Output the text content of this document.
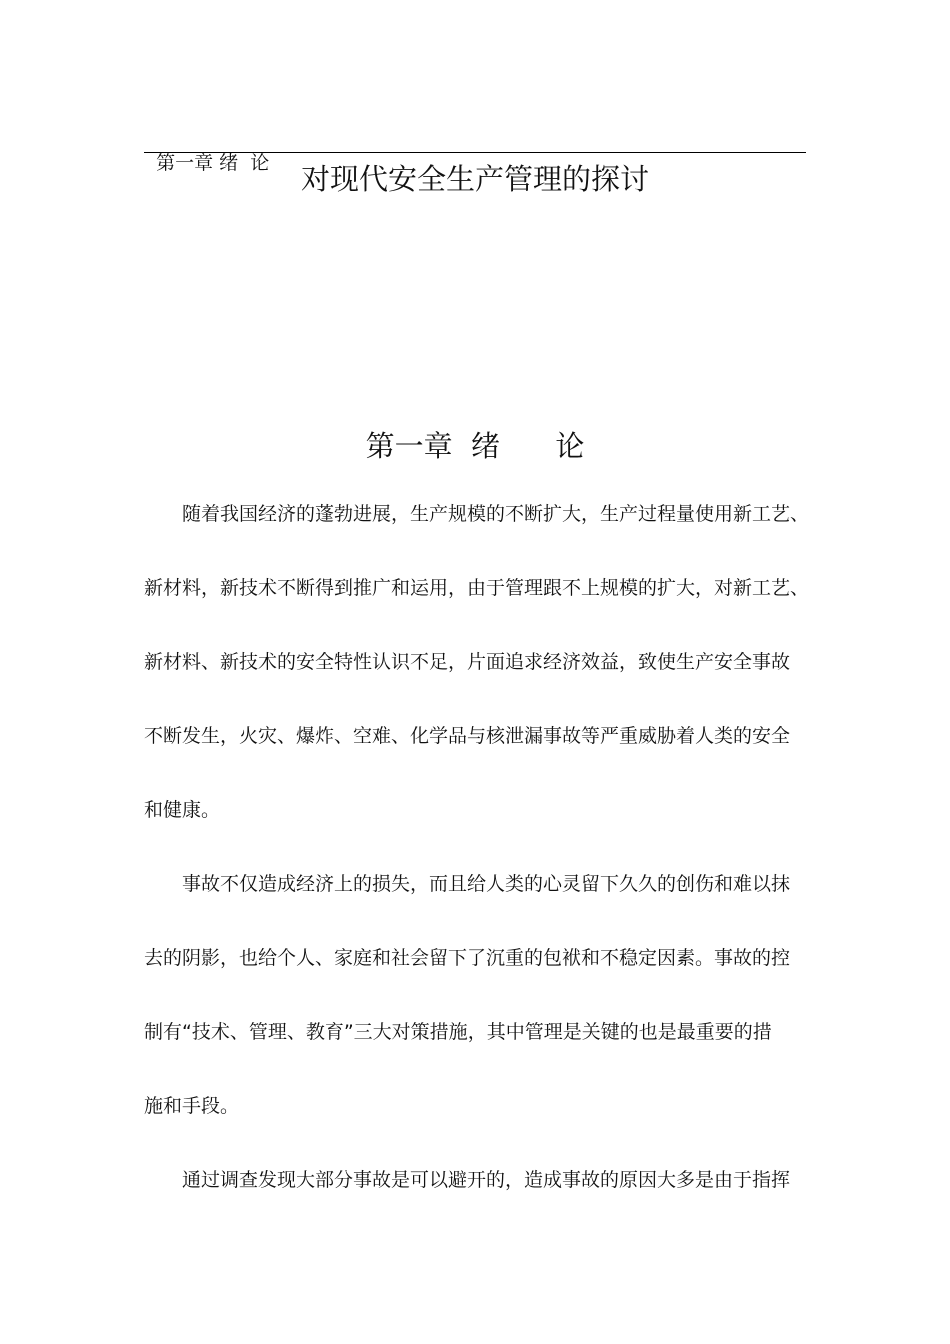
第一章 绪  论	对现代安全生产管理的探讨
第一章  绪      论
随着我国经济的蓬勃进展，生产规模的不断扩大，生产过程量使用新工艺、
新材料，新技术不断得到推广和运用，由于管理跟不上规模的扩大，对新工艺、
新材料、新技术的安全特性认识不足，片面追求经济效益，致使生产安全事故
不断发生，火灾、爆炸、空难、化学品与核泄漏事故等严重威胁着人类的安全
和健康。
事故不仅造成经济上的损失，而且给人类的心灵留下久久的创伤和难以抹
去的阴影，也给个人、家庭和社会留下了沉重的包袱和不稳定因素。事故的控
制有“技术、管理、教育”三大对策措施，其中管理是关键的也是最重要的措
施和手段。
通过调查发现大部分事故是可以避开的，造成事故的原因大多是由于指挥
